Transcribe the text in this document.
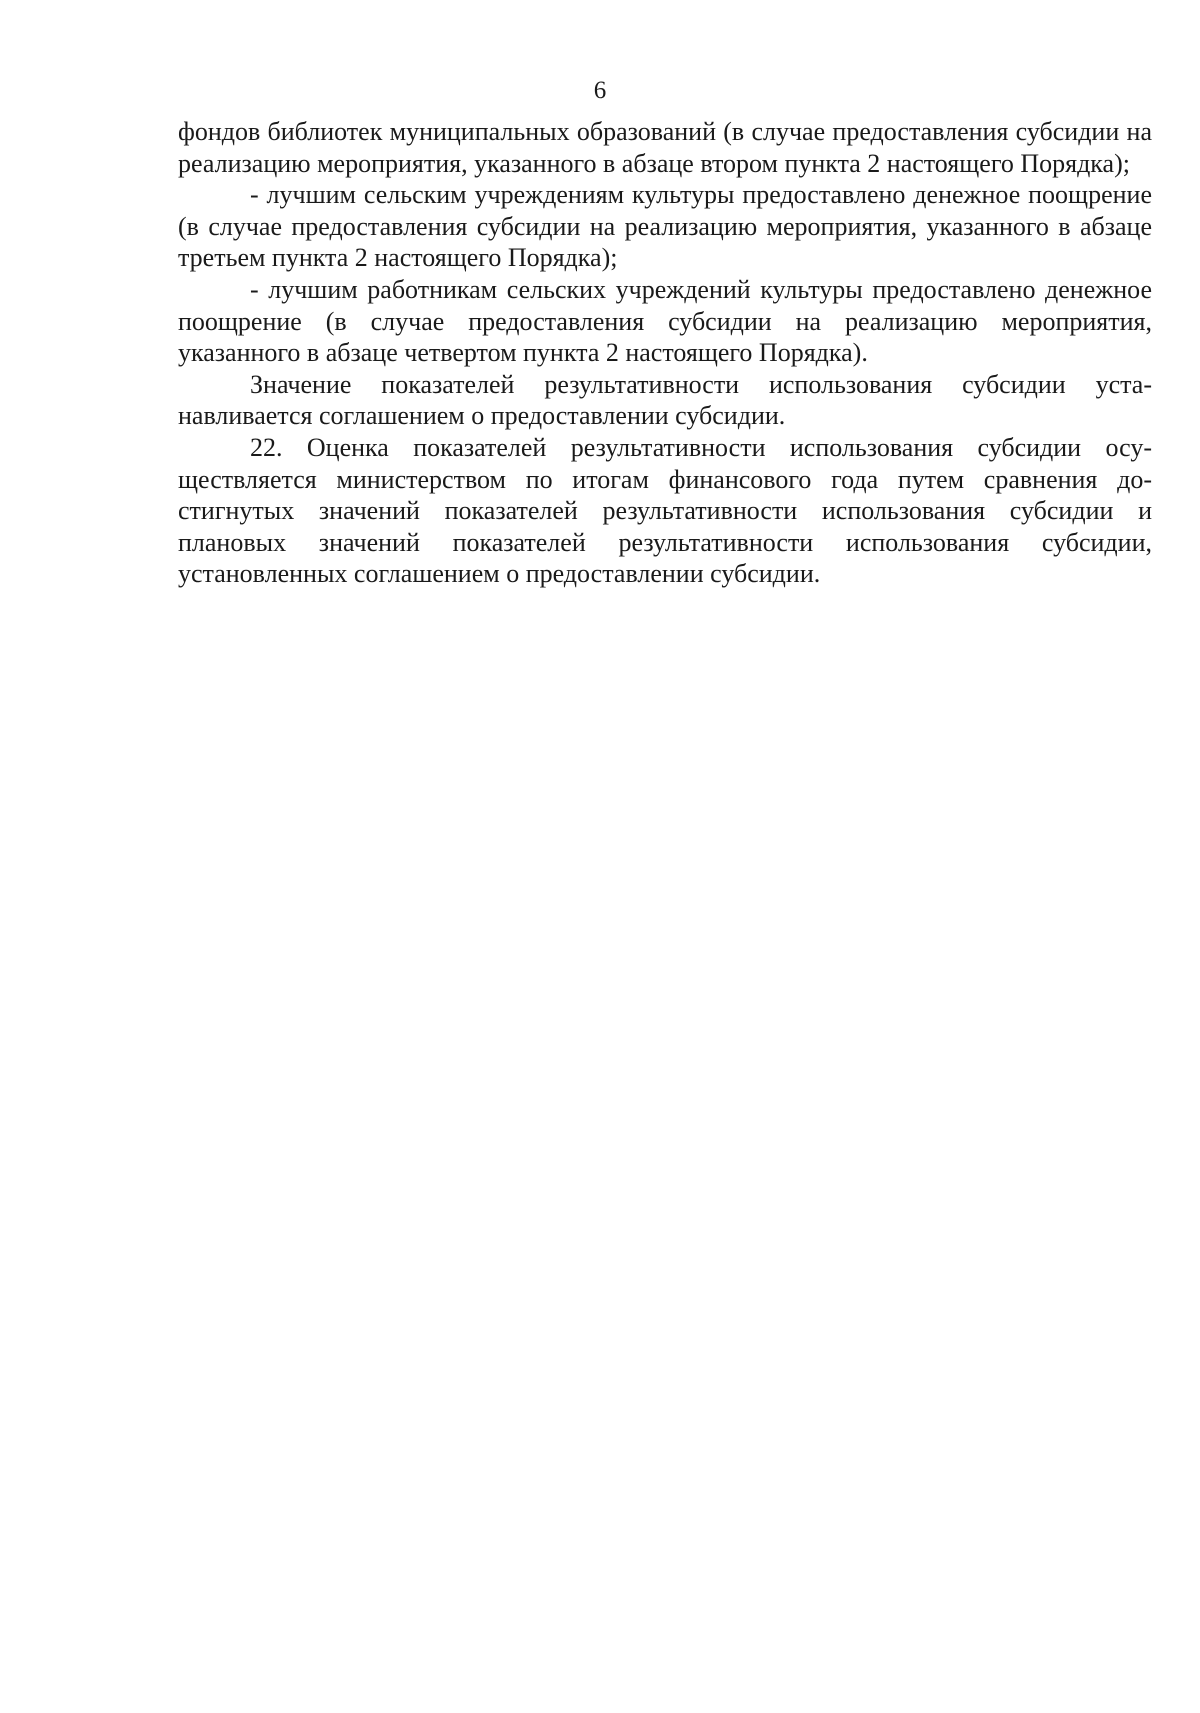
6

фондов библиотек муниципальных образований (в случае предоставления субсидии на реализацию мероприятия, указанного в абзаце втором пункта 2 настоящего Порядка);

- лучшим сельским учреждениям культуры предоставлено денежное поощрение (в случае предоставления субсидии на реализацию мероприятия, указанного в абзаце третьем пункта 2 настоящего Порядка);

- лучшим работникам сельских учреждений культуры предоставлено денежное поощрение (в случае предоставления субсидии на реализацию мероприятия, указанного в абзаце четвертом пункта 2 настоящего Порядка).

Значение показателей результативности использования субсидии устанавливается соглашением о предоставлении субсидии.

22. Оценка показателей результативности использования субсидии осуществляется министерством по итогам финансового года путем сравнения достигнутых значений показателей результативности использования субсидии и плановых значений показателей результативности использования субсидии, установленных соглашением о предоставлении субсидии.
